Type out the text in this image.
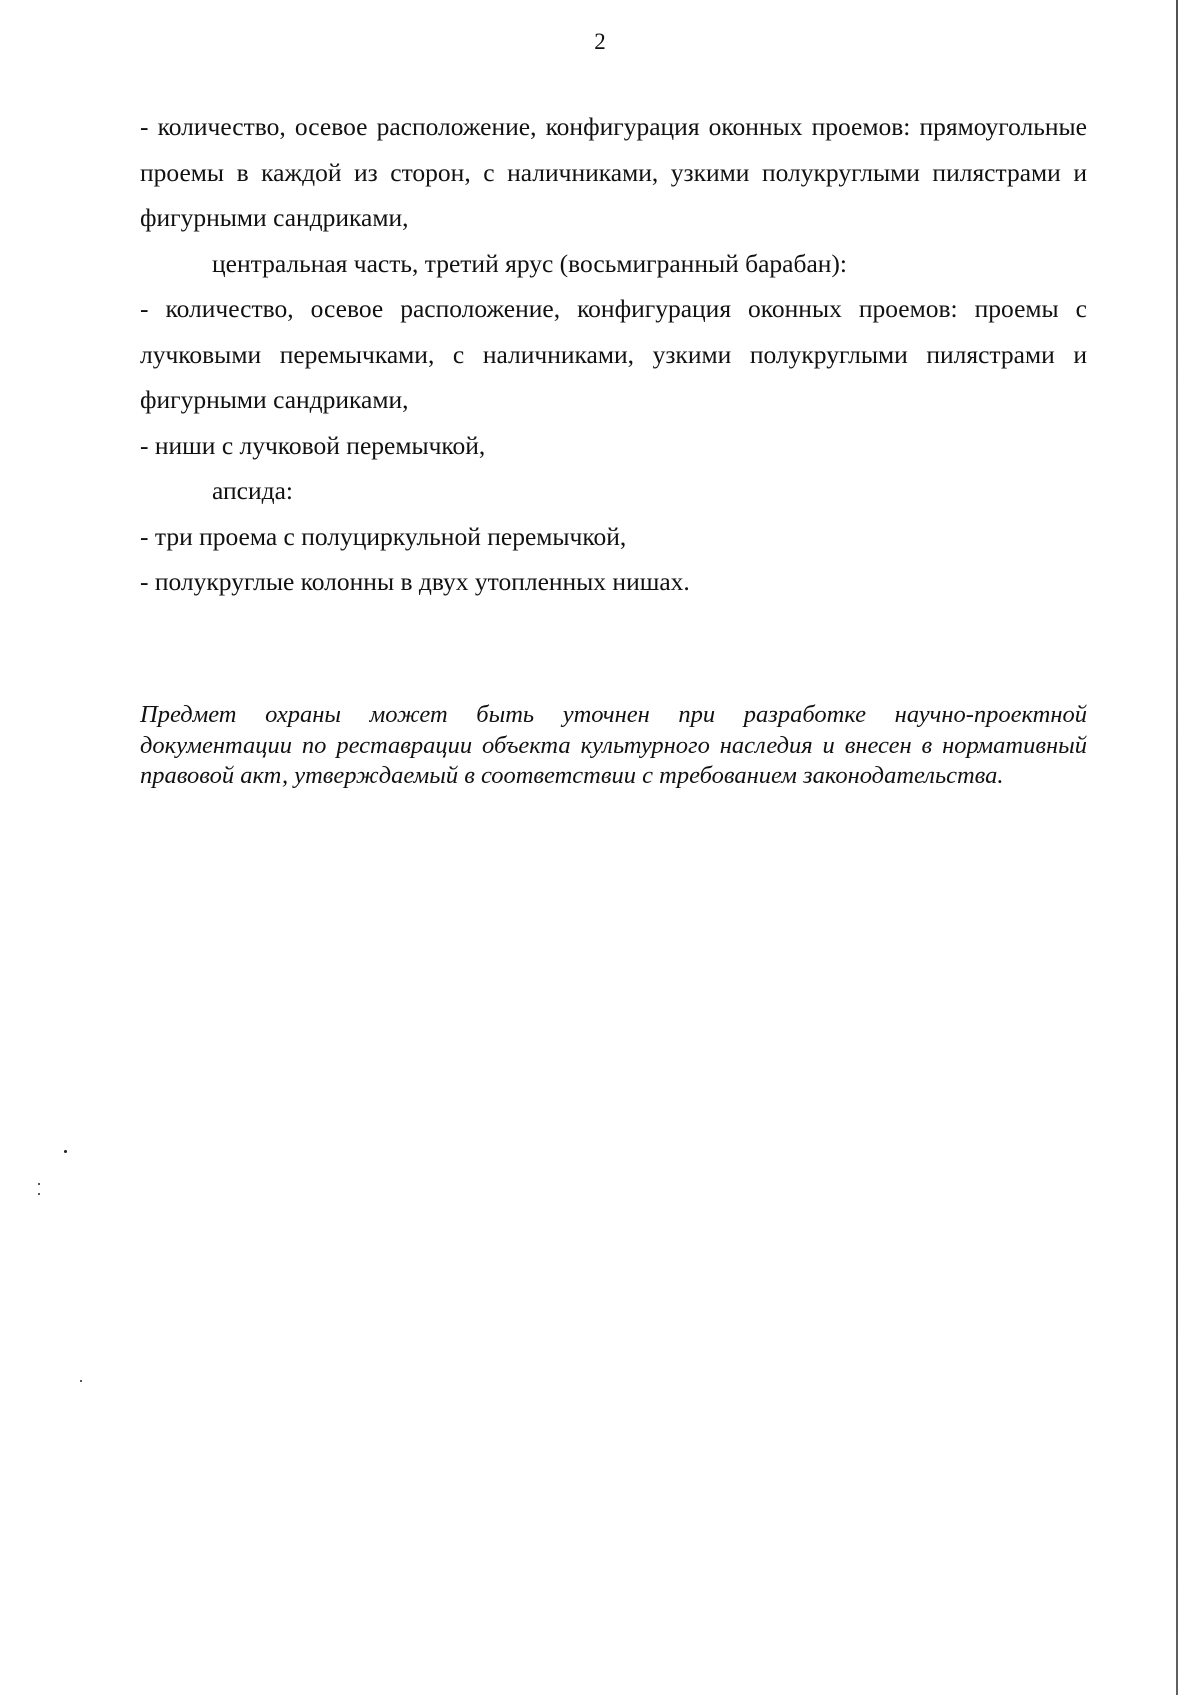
2

- количество, осевое расположение, конфигурация оконных проемов: прямоугольные проемы в каждой из сторон, с наличниками, узкими полукруглыми пилястрами и фигурными сандриками,

центральная часть, третий ярус (восьмигранный барабан):

- количество, осевое расположение, конфигурация оконных проемов: проемы с лучковыми перемычками, с наличниками, узкими полукруглыми пилястрами и фигурными сандриками,

- ниши с лучковой перемычкой,

апсида:

- три проема с полуциркульной перемычкой,

- полукруглые колонны в двух утопленных нишах.

Предмет охраны может быть уточнен при разработке научно-проектной документации по реставрации объекта культурного наследия и внесен в нормативный правовой акт, утверждаемый в соответствии с требованием законодательства.
